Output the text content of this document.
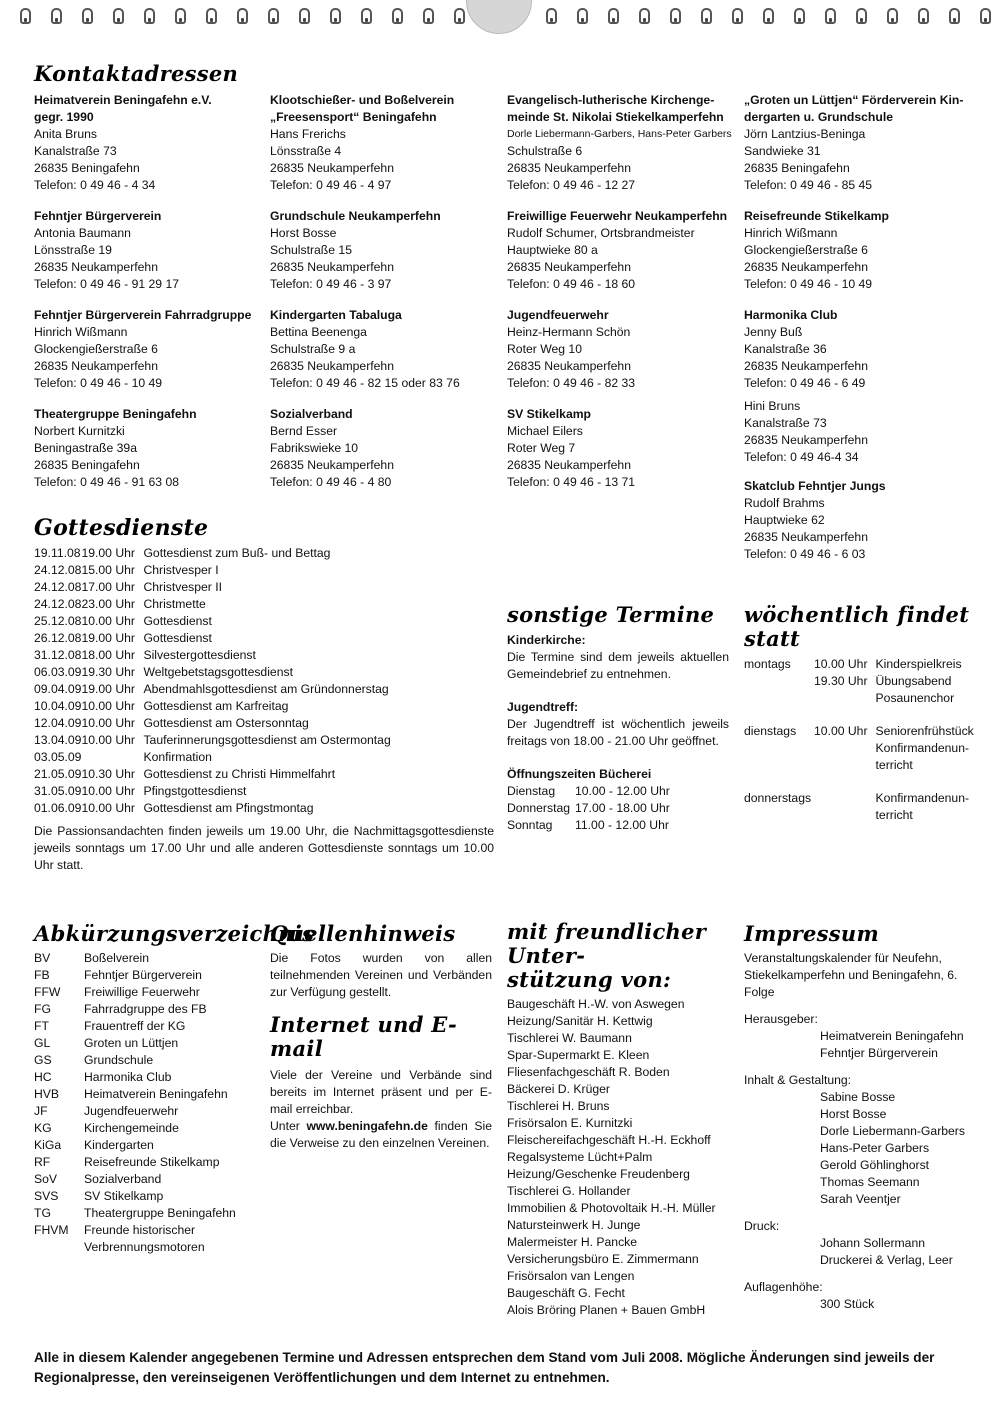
Kontaktadressen
Heimatverein Beningafehn e.V.
gegr. 1990
Anita Bruns
Kanalstraße 73
26835 Beningafehn
Telefon: 0 49 46 - 4 34
Fehntjer Bürgerverein
Antonia Baumann
Lönsstraße 19
26835 Neukamperfehn
Telefon: 0 49 46 - 91 29 17
Fehntjer Bürgerverein Fahrradgruppe
Hinrich Wißmann
Glockengießerstraße 6
26835 Neukamperfehn
Telefon: 0 49 46 - 10 49
Theatergruppe Beningafehn
Norbert Kurnitzki
Beningastraße 39a
26835 Beningafehn
Telefon: 0 49 46 - 91 63 08
Klootschießer- und Boßelverein
„Freesensport“ Beningafehn
Hans Frerichs
Lönsstraße 4
26835 Neukamperfehn
Telefon: 0 49 46 - 4 97
Grundschule Neukamperfehn
Horst Bosse
Schulstraße 15
26835 Neukamperfehn
Telefon: 0 49 46 - 3 97
Kindergarten Tabaluga
Bettina Beenenga
Schulstraße 9 a
26835 Neukamperfehn
Telefon: 0 49 46 - 82 15 oder 83 76
Sozialverband
Bernd Esser
Fabrikswieke 10
26835 Neukamperfehn
Telefon: 0 49 46 - 4 80
Evangelisch-lutherische Kirchenge-
meinde St. Nikolai Stiekelkamperfehn
Dorle Liebermann-Garbers, Hans-Peter Garbers
Schulstraße 6
26835 Neukamperfehn
Telefon: 0 49 46 - 12 27
Freiwillige Feuerwehr Neukamperfehn
Rudolf Schumer, Ortsbrandmeister
Hauptwieke 80 a
26835 Neukamperfehn
Telefon: 0 49 46 - 18 60
Jugendfeuerwehr
Heinz-Hermann Schön
Roter Weg 10
26835 Neukamperfehn
Telefon: 0 49 46 - 82 33
SV Stikelkamp
Michael Eilers
Roter Weg 7
26835 Neukamperfehn
Telefon: 0 49 46 - 13 71
„Groten un Lüttjen“ Förderverein Kin-
dergarten u. Grundschule
Jörn Lantzius-Beninga
Sandwieke 31
26835 Beningafehn
Telefon: 0 49 46 - 85 45
Reisefreunde Stikelkamp
Hinrich Wißmann
Glockengießerstraße 6
26835 Neukamperfehn
Telefon: 0 49 46 - 10 49
Harmonika Club
Jenny Buß
Kanalstraße 36
26835 Neukamperfehn
Telefon: 0 49 46 - 6 49
Hini Bruns
Kanalstraße 73
26835 Neukamperfehn
Telefon: 0 49 46-4 34
Skatclub Fehntjer Jungs
Rudolf Brahms
Hauptwieke 62
26835 Neukamperfehn
Telefon: 0 49 46 - 6 03
Gottesdienste
19.11.08	19.00 Uhr	Gottesdienst zum Buß- und Bettag
24.12.08	15.00 Uhr	Christvesper I
24.12.08	17.00 Uhr	Christvesper II
24.12.08	23.00 Uhr	Christmette
25.12.08	10.00 Uhr	Gottesdienst
26.12.08	19.00 Uhr	Gottesdienst
31.12.08	18.00 Uhr	Silvestergottesdienst
06.03.09	19.30 Uhr	Weltgebetstagsgottesdienst
09.04.09	19.00 Uhr	Abendmahlsgottesdienst am Gründonnerstag
10.04.09	10.00 Uhr	Gottesdienst am Karfreitag
12.04.09	10.00 Uhr	Gottesdienst am Ostersonntag
13.04.09	10.00 Uhr	Tauferinnerungsgottesdienst am Ostermontag
03.05.09		Konfirmation
21.05.09	10.30 Uhr	Gottesdienst zu Christi Himmelfahrt
31.05.09	10.00 Uhr	Pfingstgottesdienst
01.06.09	10.00 Uhr	Gottesdienst am Pfingstmontag
Die Passionsandachten finden jeweils um 19.00 Uhr, die Nachmittagsgottesdienste jeweils sonntags um 17.00 Uhr und alle anderen Gottesdienste sonntags um 10.00 Uhr statt.
sonstige Termine
Kinderkirche:
Die Termine sind dem jeweils aktuellen Gemeindebrief zu entnehmen.
Jugendtreff:
Der Jugendtreff ist wöchentlich jeweils freitags von 18.00 - 21.00 Uhr geöffnet.
Öffnungszeiten Bücherei
Dienstag	10.00 - 12.00 Uhr
Donnerstag	17.00 - 18.00 Uhr
Sonntag	11.00 - 12.00 Uhr
wöchentlich findet statt
montags	10.00 Uhr	Kinderspielkreis
	19.30 Uhr	Übungsabend
		Posaunenchor

dienstags	10.00 Uhr	Seniorenfrühstück
		Konfirmandenun-
		terricht

donnerstags		Konfirmandenun-
		terricht
Abkürzungsverzeichnis
BV	Boßelverein
FB	Fehntjer Bürgerverein
FFW	Freiwillige Feuerwehr
FG	Fahrradgruppe des FB
FT	Frauentreff der KG
GL	Groten un Lüttjen
GS	Grundschule
HC	Harmonika Club
HVB	Heimatverein Beningafehn
JF	Jugendfeuerwehr
KG	Kirchengemeinde
KiGa	Kindergarten
RF	Reisefreunde Stikelkamp
SoV	Sozialverband
SVS	SV Stikelkamp
TG	Theatergruppe Beningafehn
FHVM	Freunde historischer
	Verbrennungsmotoren
Quellenhinweis
Die Fotos wurden von allen teilnehmenden Vereinen und Verbänden zur Verfügung gestellt.
Internet und E-mail
Viele der Vereine und Verbände sind bereits im Internet präsent und per E-mail erreichbar.
Unter www.beningafehn.de finden Sie die Verweise zu den einzelnen Vereinen.
mit freundlicher Unter-
stützung von:
Baugeschäft H.-W. von Aswegen
Heizung/Sanitär H. Kettwig
Tischlerei W. Baumann
Spar-Supermarkt E. Kleen
Fliesenfachgeschäft R. Boden
Bäckerei D. Krüger
Tischlerei H. Bruns
Frisörsalon E. Kurnitzki
Fleischereifachgeschäft H.-H. Eckhoff
Regalsysteme Lücht+Palm
Heizung/Geschenke Freudenberg
Tischlerei G. Hollander
Immobilien & Photovoltaik H.-H. Müller
Natursteinwerk H. Junge
Malermeister H. Pancke
Versicherungsbüro E. Zimmermann
Frisörsalon van Lengen
Baugeschäft G. Fecht
Alois Bröring Planen + Bauen GmbH
Impressum
Veranstaltungskalender für Neufehn, Stiekelkamperfehn und Beningafehn, 6. Folge
Herausgeber:
Heimatverein Beningafehn
Fehntjer Bürgerverein
Inhalt & Gestaltung:
Sabine Bosse
Horst Bosse
Dorle Liebermann-Garbers
Hans-Peter Garbers
Gerold Göhlinghorst
Thomas Seemann
Sarah Veentjer
Druck:
Johann Sollermann
Druckerei & Verlag, Leer
Auflagenhöhe:
300 Stück
Alle in diesem Kalender angegebenen Termine und Adressen entsprechen dem Stand vom Juli 2008. Mögliche Änderungen sind jeweils der Regionalpresse, den vereinseigenen Veröffentlichungen und dem Internet zu entnehmen.
